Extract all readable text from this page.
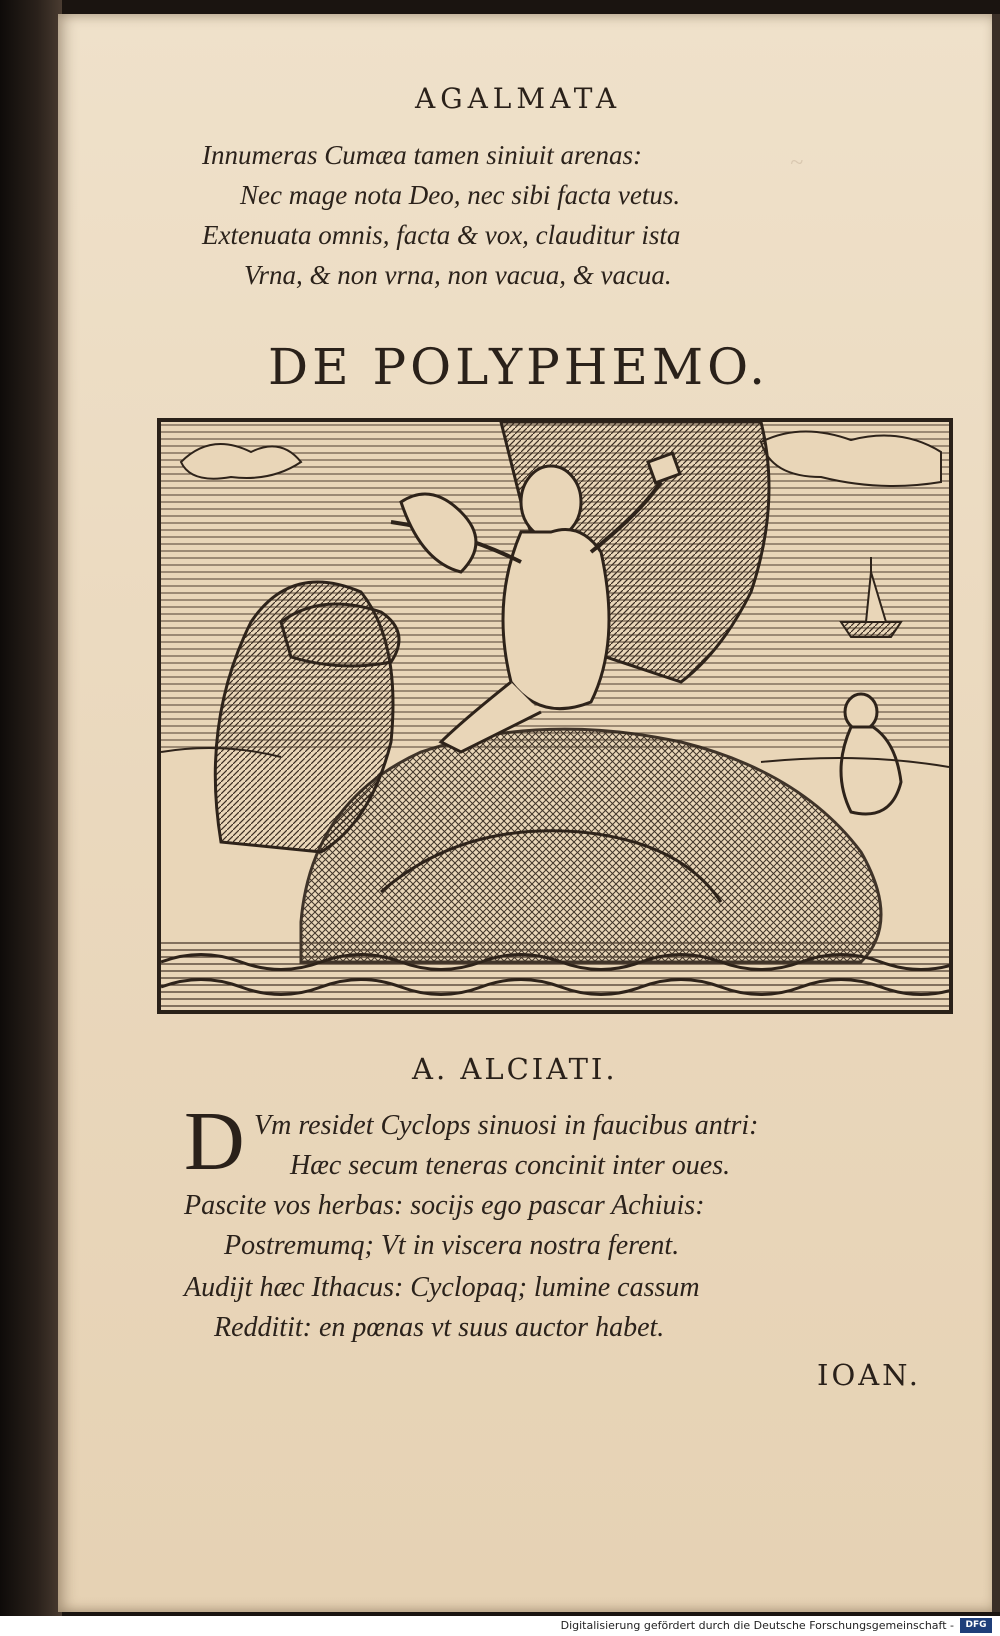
~
AGALMATA
Innumeras Cumæa tamen siniuit arenas:
Nec mage nota Deo, nec sibi facta vetus.
Extenuata omnis, facta & vox, clauditur ista
Vrna, & non vrna, non vacua, & vacua.
DE POLYPHEMO.
A. ALCIATI.
D Vm residet Cyclops sinuosi in faucibus antri:
Hæc secum teneras concinit inter oues.
Pascite vos herbas: socijs ego pascar Achiuis:
Postremumq; Vt in viscera nostra ferent.
Audijt hæc Ithacus: Cyclopaq; lumine cassum
Redditit: en pœnas vt suus auctor habet.
IOAN.
Digitalisierung gefördert durch die Deutsche Forschungsgemeinschaft -	DFG
